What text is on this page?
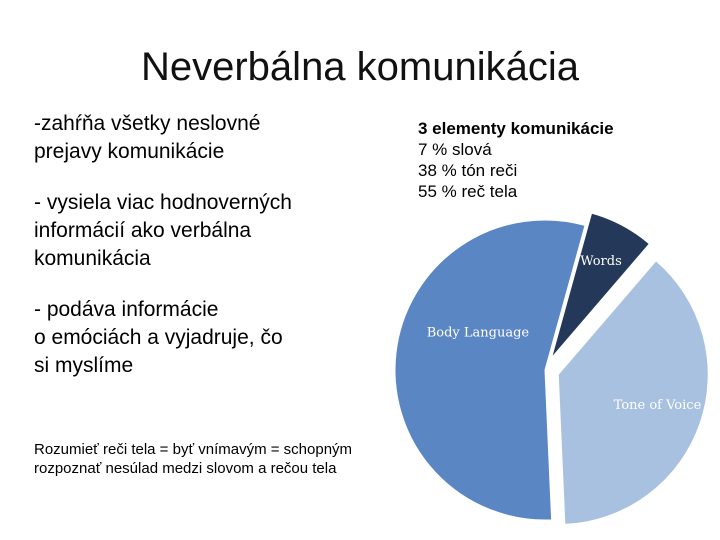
Neverbálna komunikácia
-zahŕňa všetky neslovné
prejavy komunikácie
- vysiela viac hodnoverných
informácií ako verbálna
komunikácia
- podáva informácie
o emóciách a vyjadruje, čo
si myslíme
Rozumieť reči tela = byť vnímavým = schopným
rozpoznať nesúlad medzi slovom a rečou tela
3 elementy komunikácie
7 % slová
38 % tón reči
55 % reč tela
Words
Tone of Voice
Body Language
